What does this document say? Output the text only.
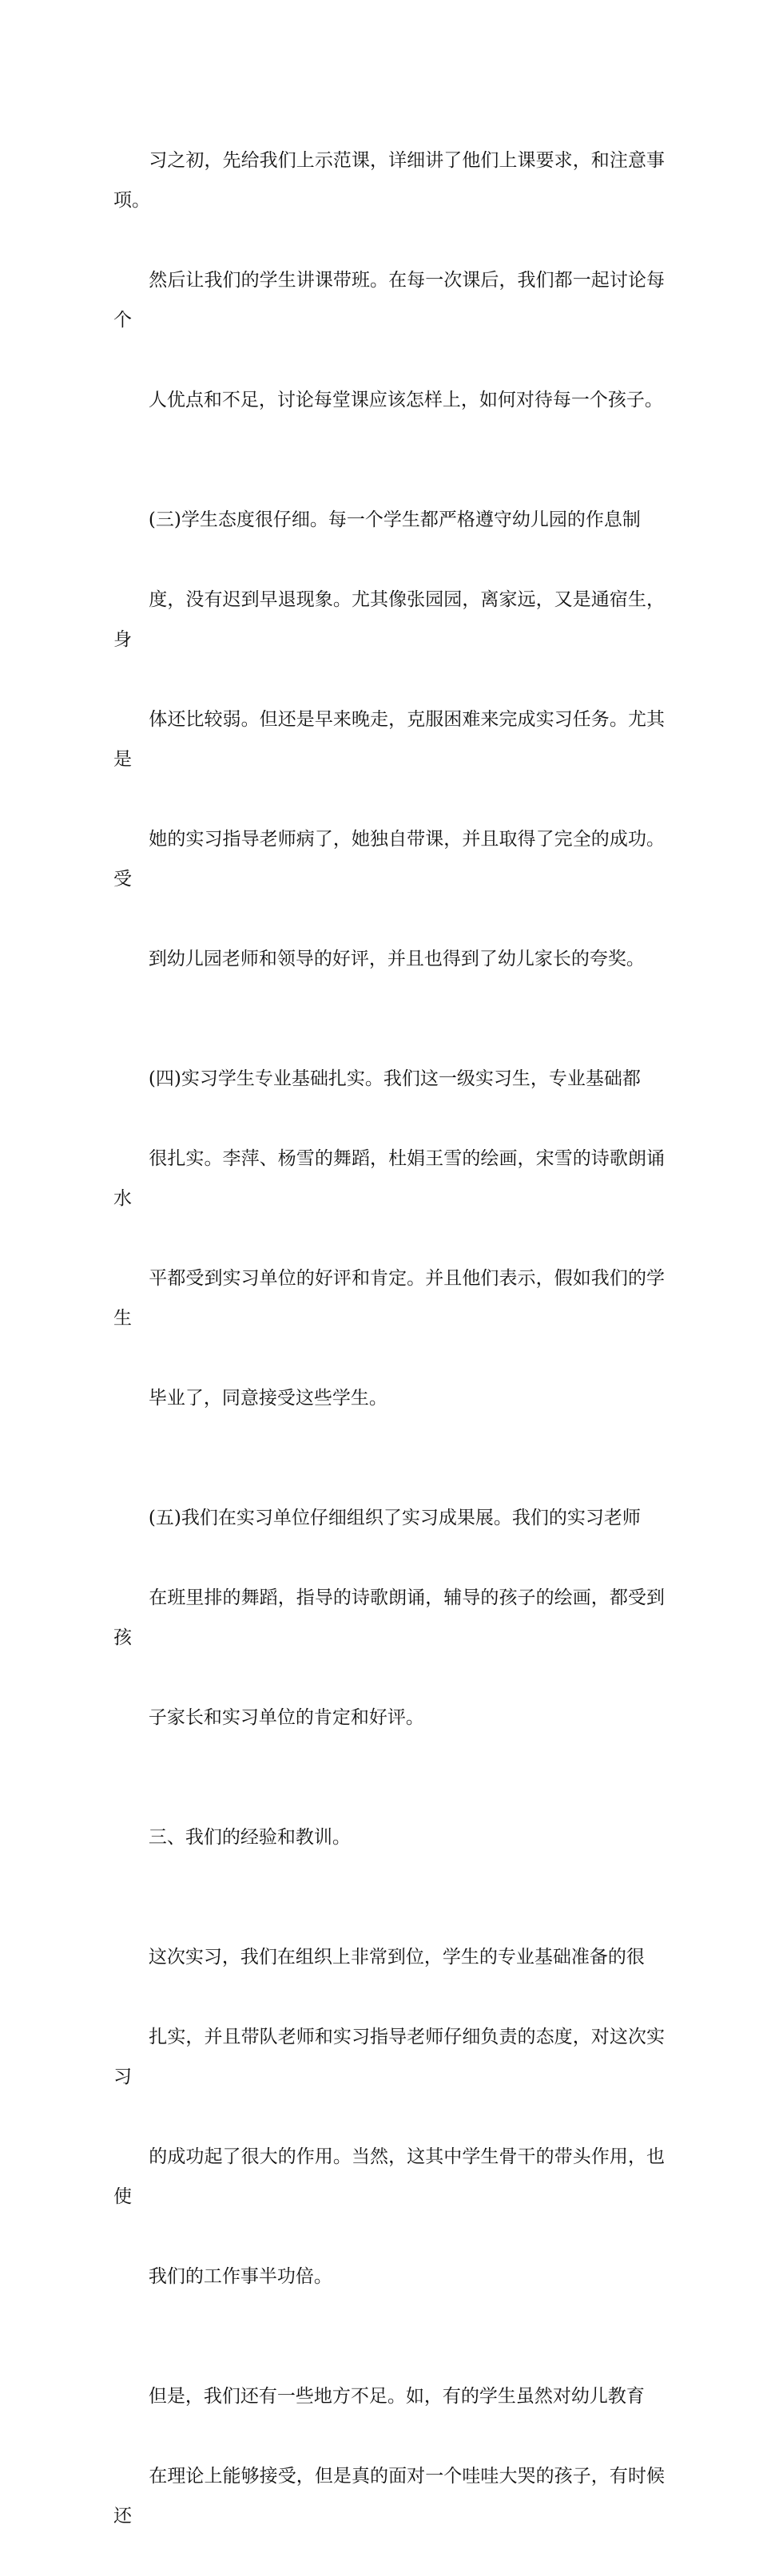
习之初，先给我们上示范课，详细讲了他们上课要求，和注意事项。

然后让我们的学生讲课带班。在每一次课后，我们都一起讨论每个

人优点和不足，讨论每堂课应该怎样上，如何对待每一个孩子。

(三)学生态度很仔细。每一个学生都严格遵守幼儿园的作息制

度，没有迟到早退现象。尤其像张园园，离家远，又是通宿生，身

体还比较弱。但还是早来晚走，克服困难来完成实习任务。尤其是

她的实习指导老师病了，她独自带课，并且取得了完全的成功。受

到幼儿园老师和领导的好评，并且也得到了幼儿家长的夸奖。

(四)实习学生专业基础扎实。我们这一级实习生，专业基础都

很扎实。李萍、杨雪的舞蹈，杜娟王雪的绘画，宋雪的诗歌朗诵水

平都受到实习单位的好评和肯定。并且他们表示，假如我们的学生

毕业了，同意接受这些学生。

(五)我们在实习单位仔细组织了实习成果展。我们的实习老师

在班里排的舞蹈，指导的诗歌朗诵，辅导的孩子的绘画，都受到孩

子家长和实习单位的肯定和好评。

三、我们的经验和教训。

这次实习，我们在组织上非常到位，学生的专业基础准备的很

扎实，并且带队老师和实习指导老师仔细负责的态度，对这次实习

的成功起了很大的作用。当然，这其中学生骨干的带头作用，也使

我们的工作事半功倍。

但是，我们还有一些地方不足。如，有的学生虽然对幼儿教育

在理论上能够接受，但是真的面对一个哇哇大哭的孩子，有时候还
